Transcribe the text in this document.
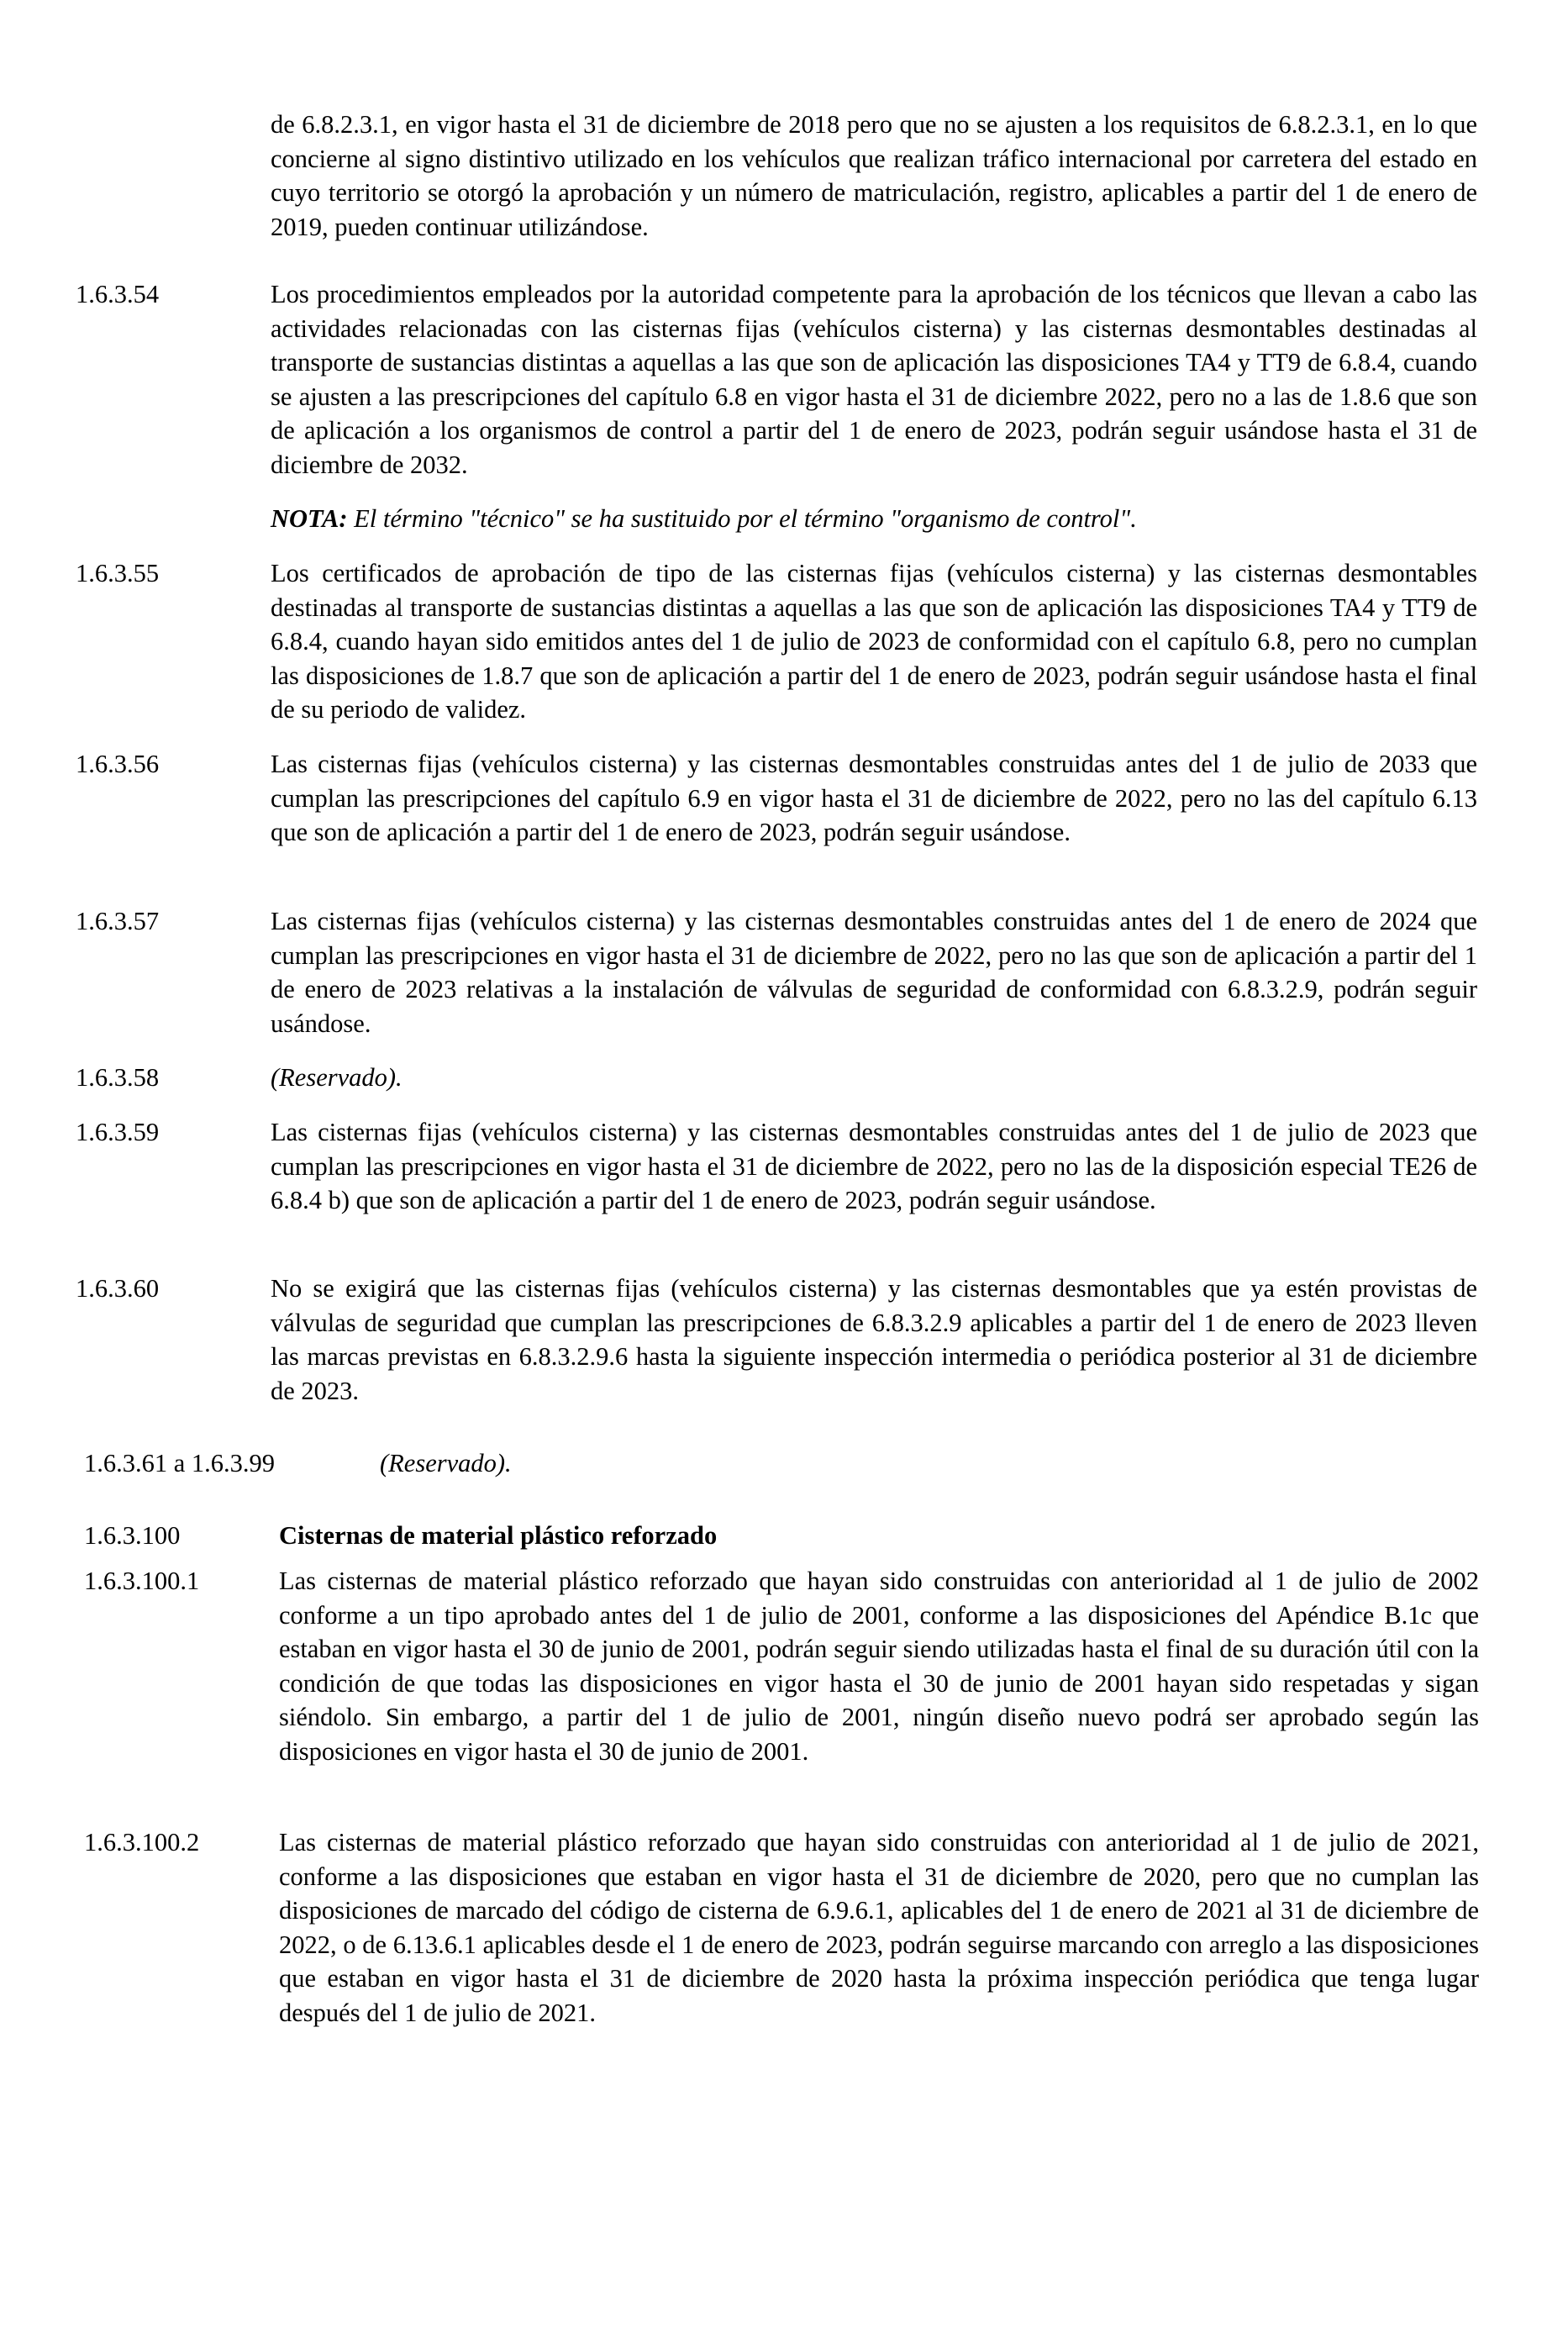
de 6.8.2.3.1, en vigor hasta el 31 de diciembre de 2018 pero que no se ajusten a los requisitos de 6.8.2.3.1, en lo que concierne al signo distintivo utilizado en los vehículos que realizan tráfico internacional por carretera del estado en cuyo territorio se otorgó la aprobación y un número de matriculación, registro, aplicables a partir del 1 de enero de 2019, pueden continuar utilizándose.

1.6.3.54	Los procedimientos empleados por la autoridad competente para la aprobación de los técnicos que llevan a cabo las actividades relacionadas con las cisternas fijas (vehículos cisterna) y las cisternas desmontables destinadas al transporte de sustancias distintas a aquellas a las que son de aplicación las disposiciones TA4 y TT9 de 6.8.4, cuando se ajusten a las prescripciones del capítulo 6.8 en vigor hasta el 31 de diciembre 2022, pero no a las de 1.8.6 que son de aplicación a los organismos de control a partir del 1 de enero de 2023, podrán seguir usándose hasta el 31 de diciembre de 2032.

NOTA: El término "técnico" se ha sustituido por el término "organismo de control".

1.6.3.55	Los certificados de aprobación de tipo de las cisternas fijas (vehículos cisterna) y las cisternas desmontables destinadas al transporte de sustancias distintas a aquellas a las que son de aplicación las disposiciones TA4 y TT9 de 6.8.4, cuando hayan sido emitidos antes del 1 de julio de 2023 de conformidad con el capítulo 6.8, pero no cumplan las disposiciones de 1.8.7 que son de aplicación a partir del 1 de enero de 2023, podrán seguir usándose hasta el final de su periodo de validez.

1.6.3.56	Las cisternas fijas (vehículos cisterna) y las cisternas desmontables construidas antes del 1 de julio de 2033 que cumplan las prescripciones del capítulo 6.9 en vigor hasta el 31 de diciembre de 2022, pero no las del capítulo 6.13 que son de aplicación a partir del 1 de enero de 2023, podrán seguir usándose.

1.6.3.57	Las cisternas fijas (vehículos cisterna) y las cisternas desmontables construidas antes del 1 de enero de 2024 que cumplan las prescripciones en vigor hasta el 31 de diciembre de 2022, pero no las que son de aplicación a partir del 1 de enero de 2023 relativas a la instalación de válvulas de seguridad de conformidad con 6.8.3.2.9, podrán seguir usándose.

1.6.3.58	(Reservado).

1.6.3.59	Las cisternas fijas (vehículos cisterna) y las cisternas desmontables construidas antes del 1 de julio de 2023 que cumplan las prescripciones en vigor hasta el 31 de diciembre de 2022, pero no las de la disposición especial TE26 de 6.8.4 b) que son de aplicación a partir del 1 de enero de 2023, podrán seguir usándose.

1.6.3.60	No se exigirá que las cisternas fijas (vehículos cisterna) y las cisternas desmontables que ya estén provistas de válvulas de seguridad que cumplan las prescripciones de 6.8.3.2.9 aplicables a partir del 1 de enero de 2023 lleven las marcas previstas en 6.8.3.2.9.6 hasta la siguiente inspección intermedia o periódica posterior al 31 de diciembre de 2023.

1.6.3.61 a 1.6.3.99	(Reservado).
1.6.3.100	Cisternas de material plástico reforzado
1.6.3.100.1	Las cisternas de material plástico reforzado que hayan sido construidas con anterioridad al 1 de julio de 2002 conforme a un tipo aprobado antes del 1 de julio de 2001, conforme a las disposiciones del Apéndice B.1c que estaban en vigor hasta el 30 de junio de 2001, podrán seguir siendo utilizadas hasta el final de su duración útil con la condición de que todas las disposiciones en vigor hasta el 30 de junio de 2001 hayan sido respetadas y sigan siéndolo. Sin embargo, a partir del 1 de julio de 2001, ningún diseño nuevo podrá ser aprobado según las disposiciones en vigor hasta el 30 de junio de 2001.

1.6.3.100.2	Las cisternas de material plástico reforzado que hayan sido construidas con anterioridad al 1 de julio de 2021, conforme a las disposiciones que estaban en vigor hasta el 31 de diciembre de 2020, pero que no cumplan las disposiciones de marcado del código de cisterna de 6.9.6.1, aplicables del 1 de enero de 2021 al 31 de diciembre de 2022, o de 6.13.6.1 aplicables desde el 1 de enero de 2023, podrán seguirse marcando con arreglo a las disposiciones que estaban en vigor hasta el 31 de diciembre de 2020 hasta la próxima inspección periódica que tenga lugar después del 1 de julio de 2021.
